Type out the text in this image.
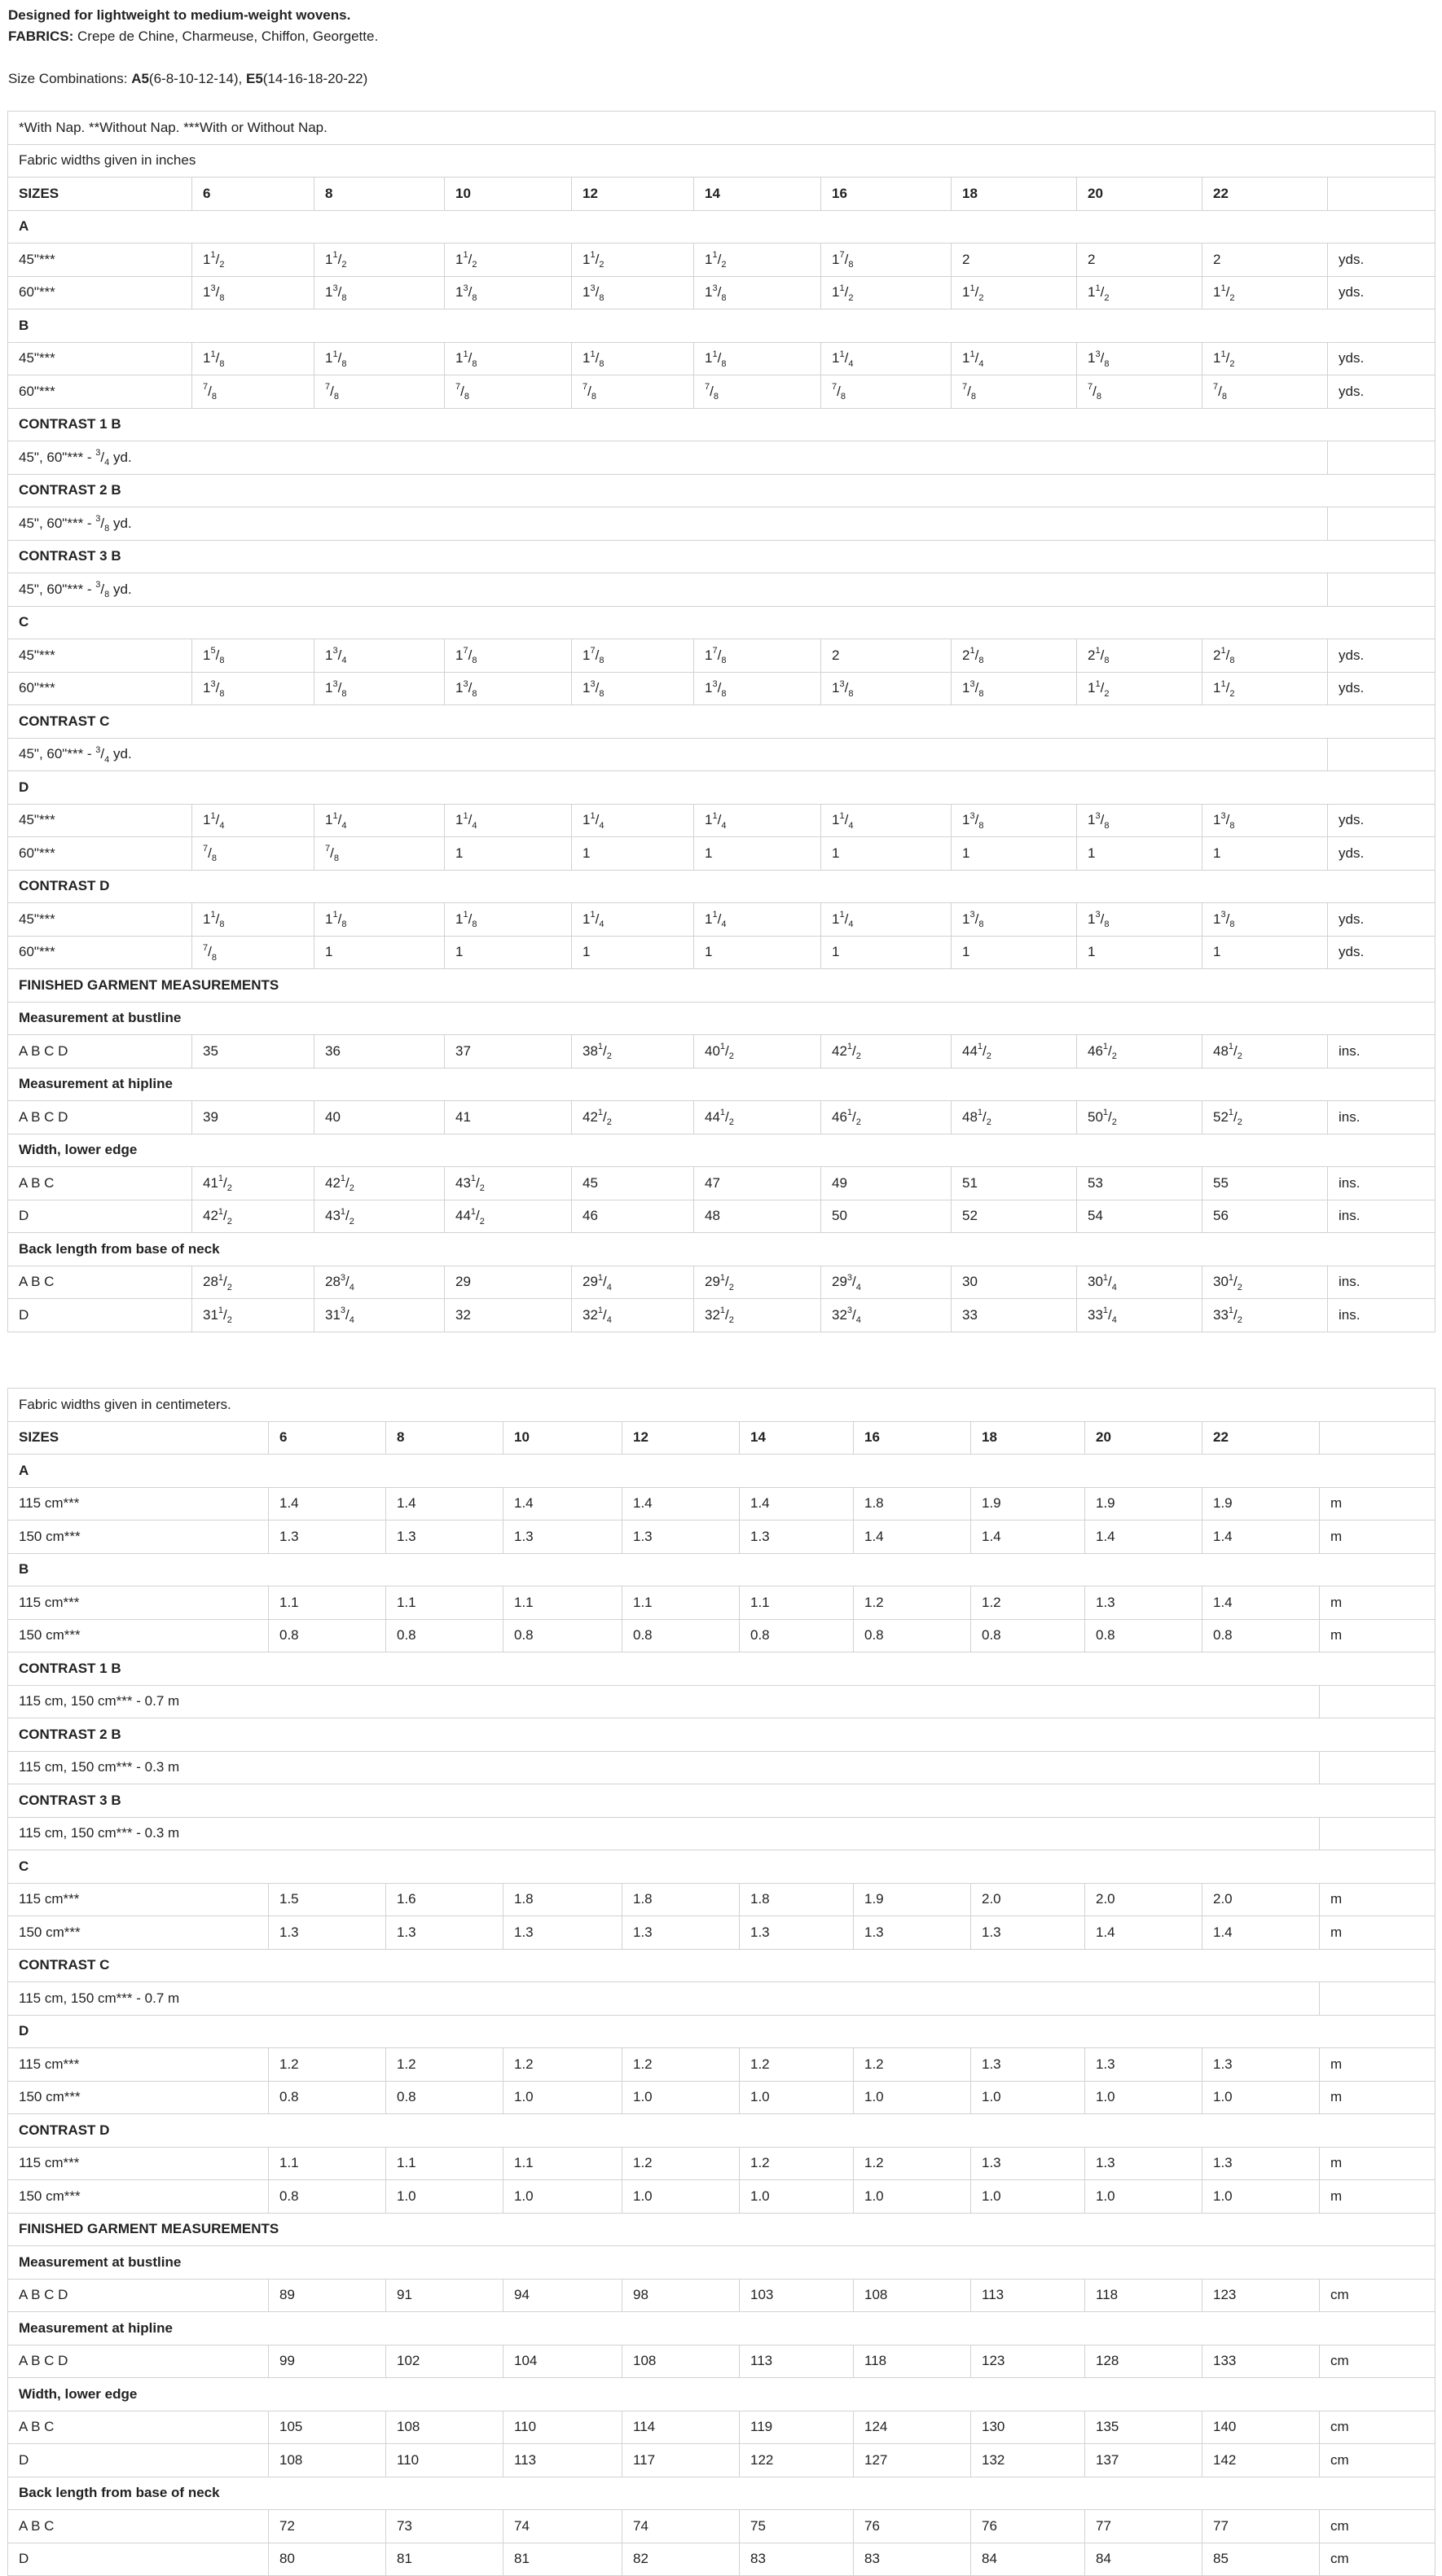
Designed for lightweight to medium-weight wovens.
FABRICS: Crepe de Chine, Charmeuse, Chiffon, Georgette.
Size Combinations: A5(6-8-10-12-14), E5(14-16-18-20-22)
*With Nap. **Without Nap. ***With or Without Nap.										
Fabric widths given in inches										
SIZES	6	8	10	12	14	16	18	20	22	
A										
45"***	$1^1/_2$	$1^1/_2$	$1^1/_2$	$1^1/_2$	$1^1/_2$	$1^7/_8$	2	2	2	yds.
60"***	$1^3/_8$	$1^3/_8$	$1^3/_8$	$1^3/_8$	$1^3/_8$	$1^1/_2$	$1^1/_2$	$1^1/_2$	$1^1/_2$	yds.
B										
45"***	$1^1/_8$	$1^1/_8$	$1^1/_8$	$1^1/_8$	$1^1/_8$	$1^1/_4$	$1^1/_4$	$1^3/_8$	$1^1/_2$	yds.
60"***	$^7/_8$	$^7/_8$	$^7/_8$	$^7/_8$	$^7/_8$	$^7/_8$	$^7/_8$	$^7/_8$	$^7/_8$	yds.
CONTRAST 1 B										
45", 60"*** - $^3/_4$ yd.										
CONTRAST 2 B										
45", 60"*** - $^3/_8$ yd.										
CONTRAST 3 B										
45", 60"*** - $^3/_8$ yd.										
C										
45"***	$1^5/_8$	$1^3/_4$	$1^7/_8$	$1^7/_8$	$1^7/_8$	2	$2^1/_8$	$2^1/_8$	$2^1/_8$	yds.
60"***	$1^3/_8$	$1^3/_8$	$1^3/_8$	$1^3/_8$	$1^3/_8$	$1^3/_8$	$1^3/_8$	$1^1/_2$	$1^1/_2$	yds.
CONTRAST C										
45", 60"*** - $^3/_4$ yd.										
D										
45"***	$1^1/_4$	$1^1/_4$	$1^1/_4$	$1^1/_4$	$1^1/_4$	$1^1/_4$	$1^3/_8$	$1^3/_8$	$1^3/_8$	yds.
60"***	$^7/_8$	$^7/_8$	1	1	1	1	1	1	1	yds.
CONTRAST D										
45"***	$1^1/_8$	$1^1/_8$	$1^1/_8$	$1^1/_4$	$1^1/_4$	$1^1/_4$	$1^3/_8$	$1^3/_8$	$1^3/_8$	yds.
60"***	$^7/_8$	1	1	1	1	1	1	1	1	yds.
FINISHED GARMENT MEASUREMENTS										
Measurement at bustline										
A B C D	35	36	37	$38^1/_2$	$40^1/_2$	$42^1/_2$	$44^1/_2$	$46^1/_2$	$48^1/_2$	ins.
Measurement at hipline										
A B C D	39	40	41	$42^1/_2$	$44^1/_2$	$46^1/_2$	$48^1/_2$	$50^1/_2$	$52^1/_2$	ins.
Width, lower edge										
A B C	$41^1/_2$	$42^1/_2$	$43^1/_2$	45	47	49	51	53	55	ins.
D	$42^1/_2$	$43^1/_2$	$44^1/_2$	46	48	50	52	54	56	ins.
Back length from base of neck										
A B C	$28^1/_2$	$28^3/_4$	29	$29^1/_4$	$29^1/_2$	$29^3/_4$	30	$30^1/_4$	$30^1/_2$	ins.
D	$31^1/_2$	$31^3/_4$	32	$32^1/_4$	$32^1/_2$	$32^3/_4$	33	$33^1/_4$	$33^1/_2$	ins.
Fabric widths given in centimeters.										
SIZES	6	8	10	12	14	16	18	20	22	
A										
115 cm***	1.4	1.4	1.4	1.4	1.4	1.8	1.9	1.9	1.9	m
150 cm***	1.3	1.3	1.3	1.3	1.3	1.4	1.4	1.4	1.4	m
B										
115 cm***	1.1	1.1	1.1	1.1	1.1	1.2	1.2	1.3	1.4	m
150 cm***	0.8	0.8	0.8	0.8	0.8	0.8	0.8	0.8	0.8	m
CONTRAST 1 B										
115 cm, 150 cm*** - 0.7 m										
CONTRAST 2 B										
115 cm, 150 cm*** - 0.3 m										
CONTRAST 3 B										
115 cm, 150 cm*** - 0.3 m										
C										
115 cm***	1.5	1.6	1.8	1.8	1.8	1.9	2.0	2.0	2.0	m
150 cm***	1.3	1.3	1.3	1.3	1.3	1.3	1.3	1.4	1.4	m
CONTRAST C										
115 cm, 150 cm*** - 0.7 m										
D										
115 cm***	1.2	1.2	1.2	1.2	1.2	1.2	1.3	1.3	1.3	m
150 cm***	0.8	0.8	1.0	1.0	1.0	1.0	1.0	1.0	1.0	m
CONTRAST D										
115 cm***	1.1	1.1	1.1	1.2	1.2	1.2	1.3	1.3	1.3	m
150 cm***	0.8	1.0	1.0	1.0	1.0	1.0	1.0	1.0	1.0	m
FINISHED GARMENT MEASUREMENTS										
Measurement at bustline										
A B C D	89	91	94	98	103	108	113	118	123	cm
Measurement at hipline										
A B C D	99	102	104	108	113	118	123	128	133	cm
Width, lower edge										
A B C	105	108	110	114	119	124	130	135	140	cm
D	108	110	113	117	122	127	132	137	142	cm
Back length from base of neck										
A B C	72	73	74	74	75	76	76	77	77	cm
D	80	81	81	82	83	83	84	84	85	cm
